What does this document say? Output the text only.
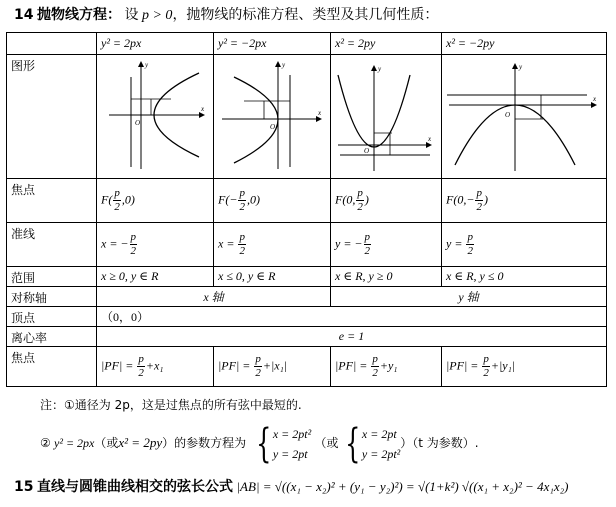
14 抛物线方程： 设 p > 0，抛物线的标准方程、类型及其几何性质：
	y² = 2px	y² = −2px	x² = 2py	x² = −2py
图形	x
y
O	x
y
O	x
y
O	x
y
O

焦点	$F( \frac{p}{2} ,0)$	$F(- \frac{p}{2} ,0)$	F(0, $\frac{p}{2}$ )	$F(0,- \frac{p}{2}$ )
准线	x = − $\frac{p}{2}$	$x = \frac{p}{2}$	y = − $\frac{p}{2}$	$y = \frac{p}{2}$

范围	x ≥ 0, y ∈ R	x ≤ 0, y ∈ R	x ∈ R, y ≥ 0	x ∈ R, y ≤ 0
对称轴	x 轴		y 轴	
顶点	（0，0）			
离心率	e = 1			
焦点	$|PF| = \frac{p}{2} +x_1$	$|PF| = \frac{p}{2} +|x_1|$	$|PF| = \frac{p}{2} +y_1$	$|PF| = \frac{p}{2} +|y_1|$
注：①通径为 2p，这是过焦点的所有弦中最短的.
② y² = 2px（或x² = 2py）的参数方程为 { x = 2pt²
y = 2pt
（或 { x = 2pt
y = 2pt²
）（t 为参数）.
15 直线与圆锥曲线相交的弦长公式 |AB| = √((x₁ − x₂)² + (y₁ − y₂)²) = √(1+k²) √((x₁ + x₂)² − 4x₁x₂)
